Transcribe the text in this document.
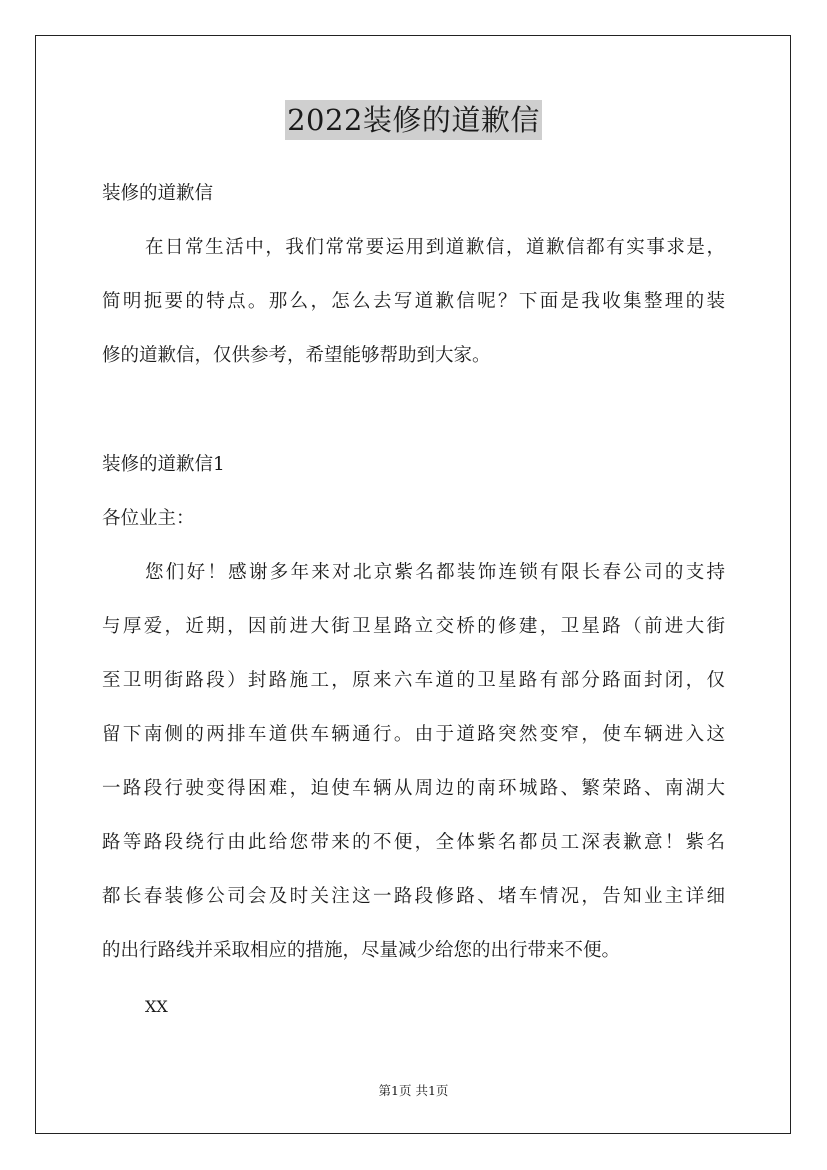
2022装修的道歉信
装修的道歉信
在日常生活中，我们常常要运用到道歉信，道歉信都有实事求是，
简明扼要的特点。那么，怎么去写道歉信呢？下面是我收集整理的装
修的道歉信，仅供参考，希望能够帮助到大家。
装修的道歉信1
各位业主：
您们好！感谢多年来对北京紫名都装饰连锁有限长春公司的支持
与厚爱，近期，因前进大街卫星路立交桥的修建，卫星路（前进大街
至卫明街路段）封路施工，原来六车道的卫星路有部分路面封闭，仅
留下南侧的两排车道供车辆通行。由于道路突然变窄，使车辆进入这
一路段行驶变得困难，迫使车辆从周边的南环城路、繁荣路、南湖大
路等路段绕行由此给您带来的不便，全体紫名都员工深表歉意！紫名
都长春装修公司会及时关注这一路段修路、堵车情况，告知业主详细
的出行路线并采取相应的措施，尽量减少给您的出行带来不便。
XX
第1页 共1页
